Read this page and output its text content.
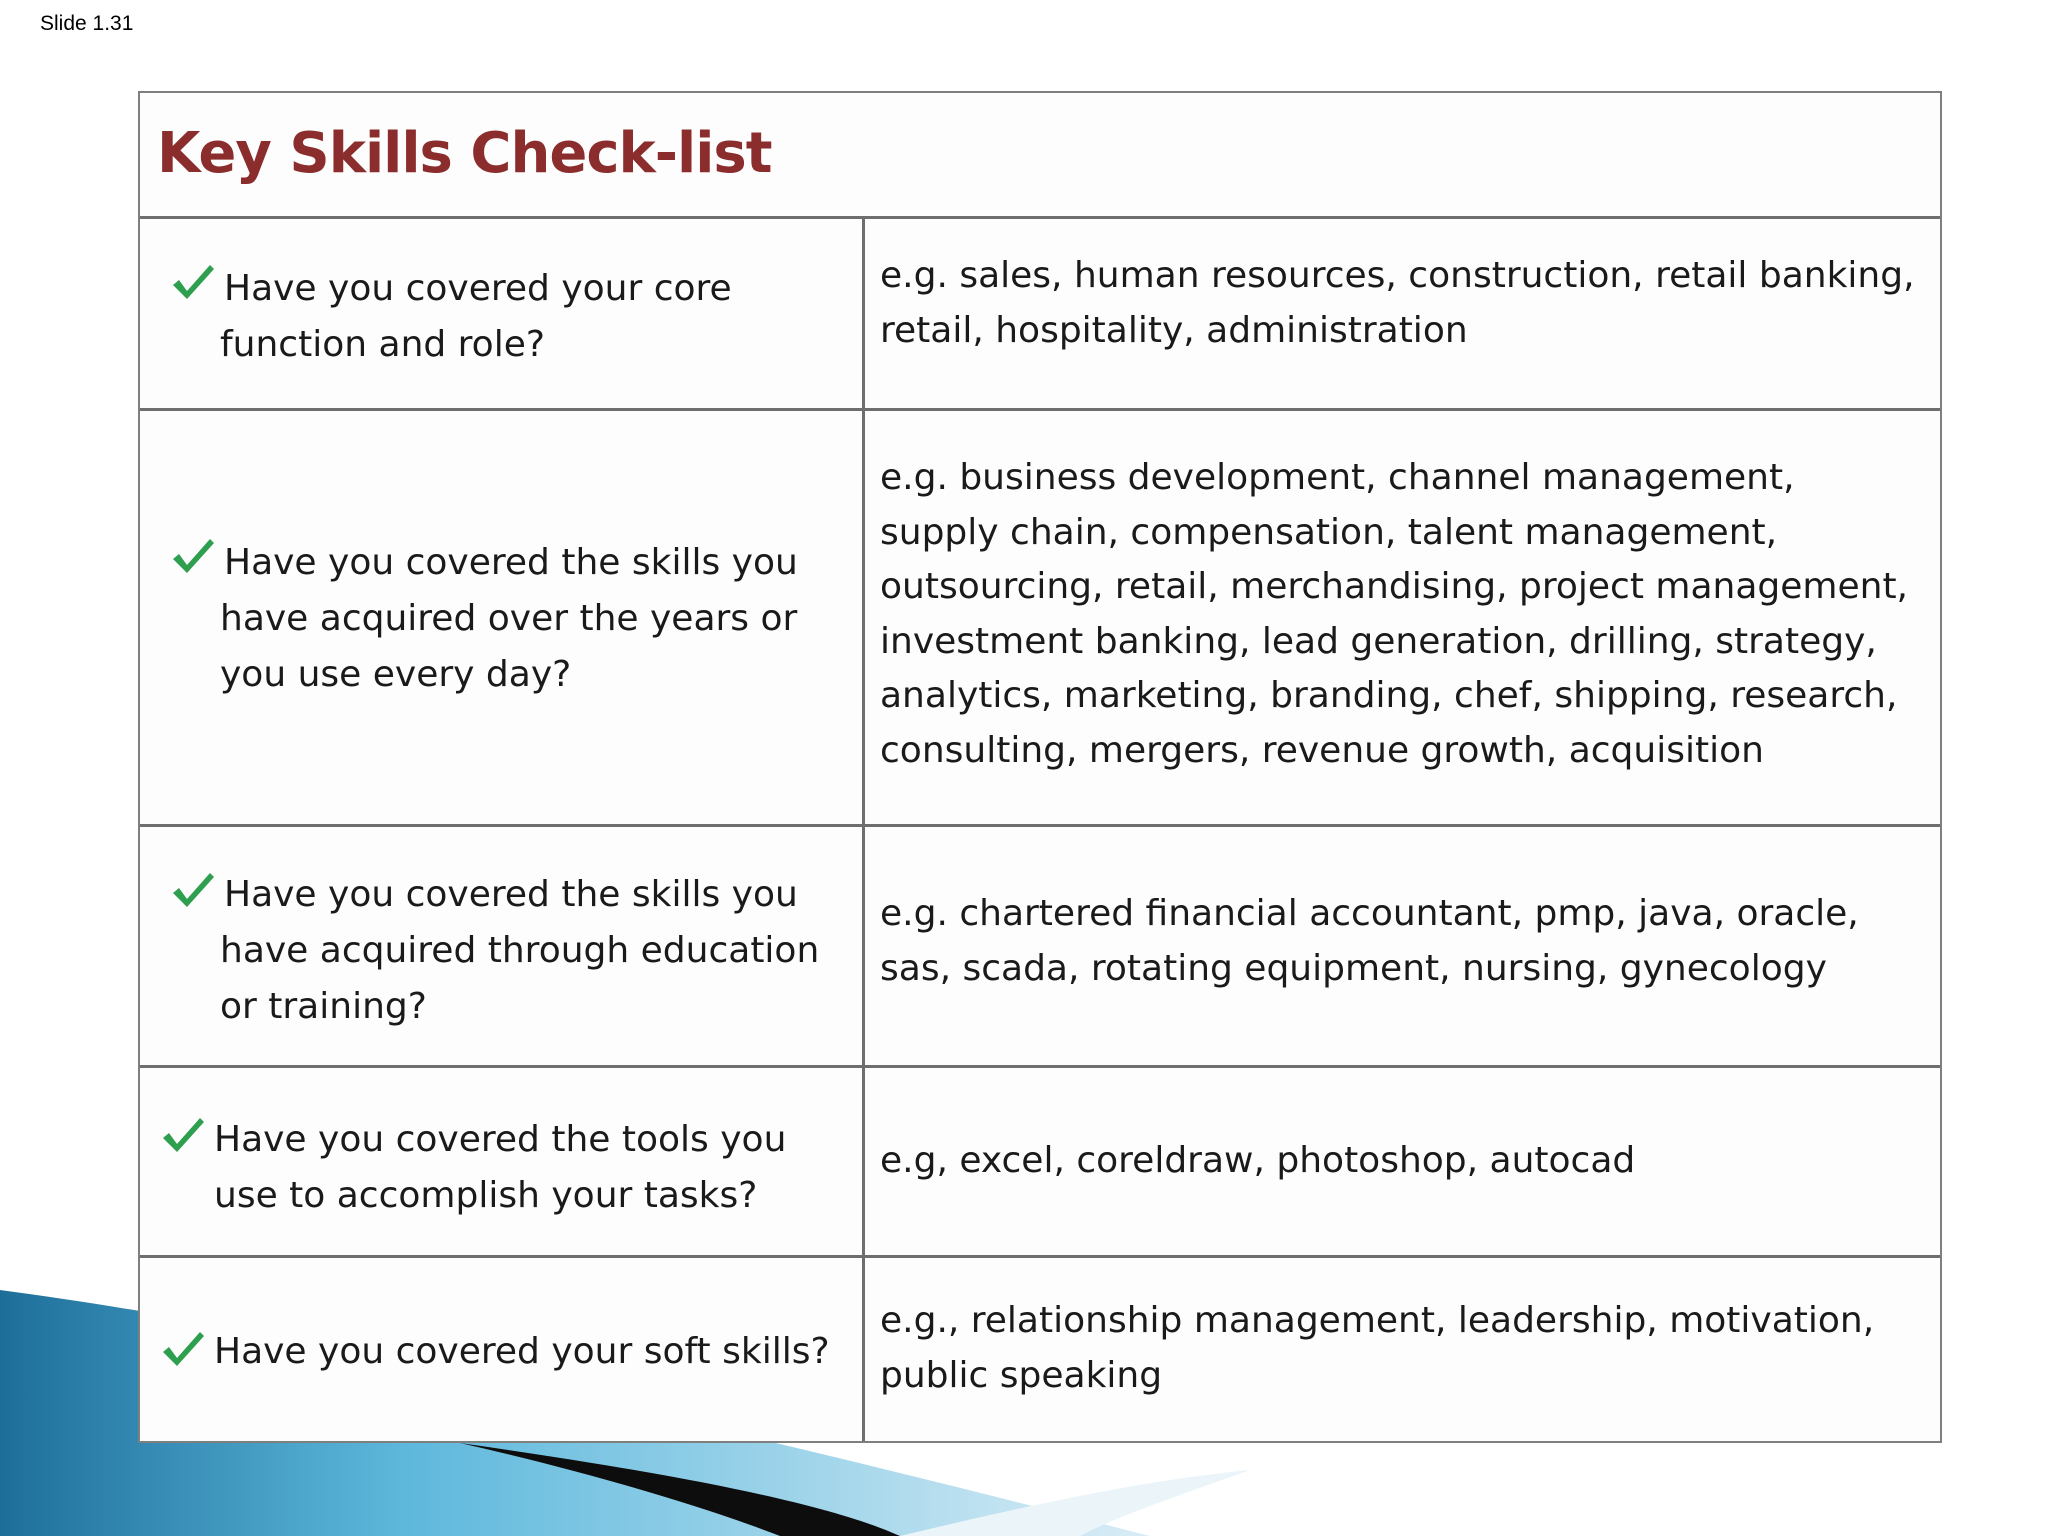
Slide 1.31
Key Skills Check-list

Have you covered your core
function and role?

e.g. sales, human resources, construction, retail banking,
retail, hospitality, administration

Have you covered the skills you
have acquired over the years or
you use every day?

e.g. business development, channel management,
supply chain, compensation, talent management,
outsourcing, retail, merchandising, project management,
investment banking, lead generation, drilling, strategy,
analytics, marketing, branding, chef, shipping, research,
consulting, mergers, revenue growth, acquisition

Have you covered the skills you
have acquired through education
or training?

e.g. chartered financial accountant, pmp, java, oracle,
sas, scada, rotating equipment, nursing, gynecology

Have you covered the tools you
use to accomplish your tasks?

e.g, excel, coreldraw, photoshop, autocad

Have you covered your soft skills?

e.g., relationship management, leadership, motivation,
public speaking
